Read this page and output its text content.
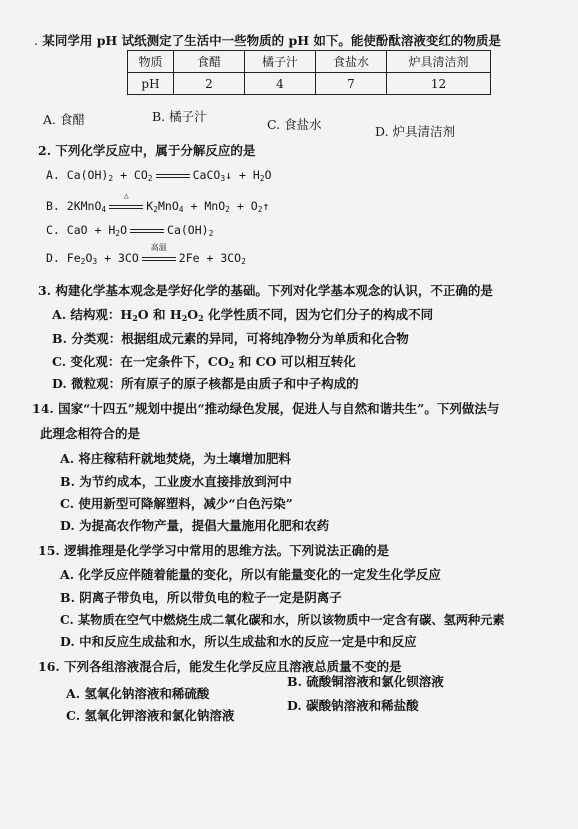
. 某同学用 pH 试纸测定了生活中一些物质的 pH 如下。能使酚酞溶液变红的物质是
物质	食醋	橘子汁	食盐水	炉具清洁剂
pH	2	4	7	12
A. 食醋	B. 橘子汁
C. 食盐水	D. 炉具清洁剂
2. 下列化学反应中，属于分解反应的是
A. $Ca(OH)_2 + CO_2$	CaCO$_3$↓ + $H_2O$
B. 2KMnO$_4$
△
$K_2MnO_4 + MnO_2$ + $O_2↑$
C. CaO + $H_2O$	$Ca(OH)_2$
D. $Fe_2O_3 + 3CO$
高温
$2Fe + 3CO_2$
3. 构建化学基本观念是学好化学的基础。下列对化学基本观念的认识，不正确的是
A. 结构观：$H_2O$ 和 $H_2O_2$ 化学性质不同，因为它们分子的构成不同
B. 分类观：根据组成元素的异同，可将纯净物分为单质和化合物
C. 变化观：在一定条件下，$CO_2$ 和 CO 可以相互转化
D. 微粒观：所有原子的原子核都是由质子和中子构成的
14. 国家“十四五”规划中提出“推动绿色发展，促进人与自然和谐共生”。下列做法与
此理念相符合的是
A. 将庄稼秸秆就地焚烧，为土壤增加肥料
B. 为节约成本，工业废水直接排放到河中
C. 使用新型可降解塑料，减少“白色污染”
D. 为提高农作物产量，提倡大量施用化肥和农药
15. 逻辑推理是化学学习中常用的思维方法。下列说法正确的是
A. 化学反应伴随着能量的变化，所以有能量变化的一定发生化学反应
B. 阴离子带负电，所以带负电的粒子一定是阴离子
C. 某物质在空气中燃烧生成二氧化碳和水，所以该物质中一定含有碳、氢两种元素
D. 中和反应生成盐和水，所以生成盐和水的反应一定是中和反应
16. 下列各组溶液混合后，能发生化学反应且溶液总质量不变的是
A. 氢氧化钠溶液和稀硫酸
B. 硫酸铜溶液和氯化钡溶液
C. 氢氧化钾溶液和氯化钠溶液
D. 碳酸钠溶液和稀盐酸
